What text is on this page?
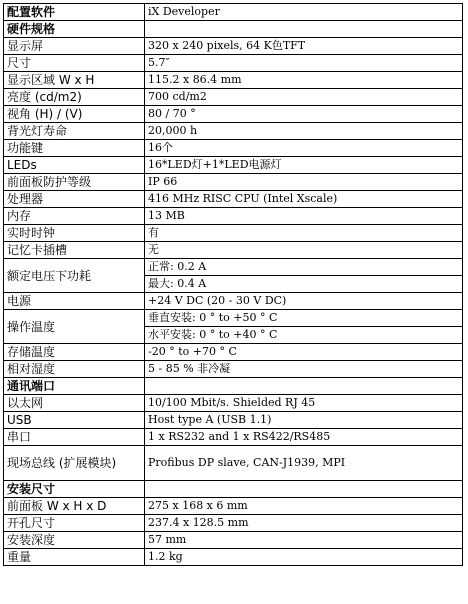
配置软件	iX Developer
硬件规格	
显示屏	320 x 240 pixels, 64 K色TFT
尺寸	5.7″
显示区域 W x H	115.2 x 86.4 mm
亮度 (cd/m2)	700 cd/m2
视角 (H) / (V)	80 / 70 °
背光灯寿命	20,000 h
功能键	16个
LEDs	16*LED灯+1*LED电源灯
前面板防护等级	IP 66
处理器	416 MHz RISC CPU (Intel Xscale)
内存	13 MB
实时时钟	有
记忆卡插槽	无
额定电压下功耗	正常: 0.2 A
	最大: 0.4 A
电源	+24 V DC (20 - 30 V DC)
操作温度	垂直安装: 0 ° to +50 ° C
	水平安装: 0 ° to +40 ° C
存储温度	-20 ° to +70 ° C
相对湿度	5 - 85 % 非冷凝
通讯端口	
以太网	10/100 Mbit/s. Shielded RJ 45
USB	Host type A (USB 1.1)
串口	1 x RS232 and 1 x RS422/RS485
现场总线 (扩展模块)	Profibus DP slave, CAN-J1939, MPI
安装尺寸	
前面板 W x H x D	275 x 168 x 6 mm
开孔尺寸	237.4 x 128.5 mm
安装深度	57 mm
重量	1.2 kg
